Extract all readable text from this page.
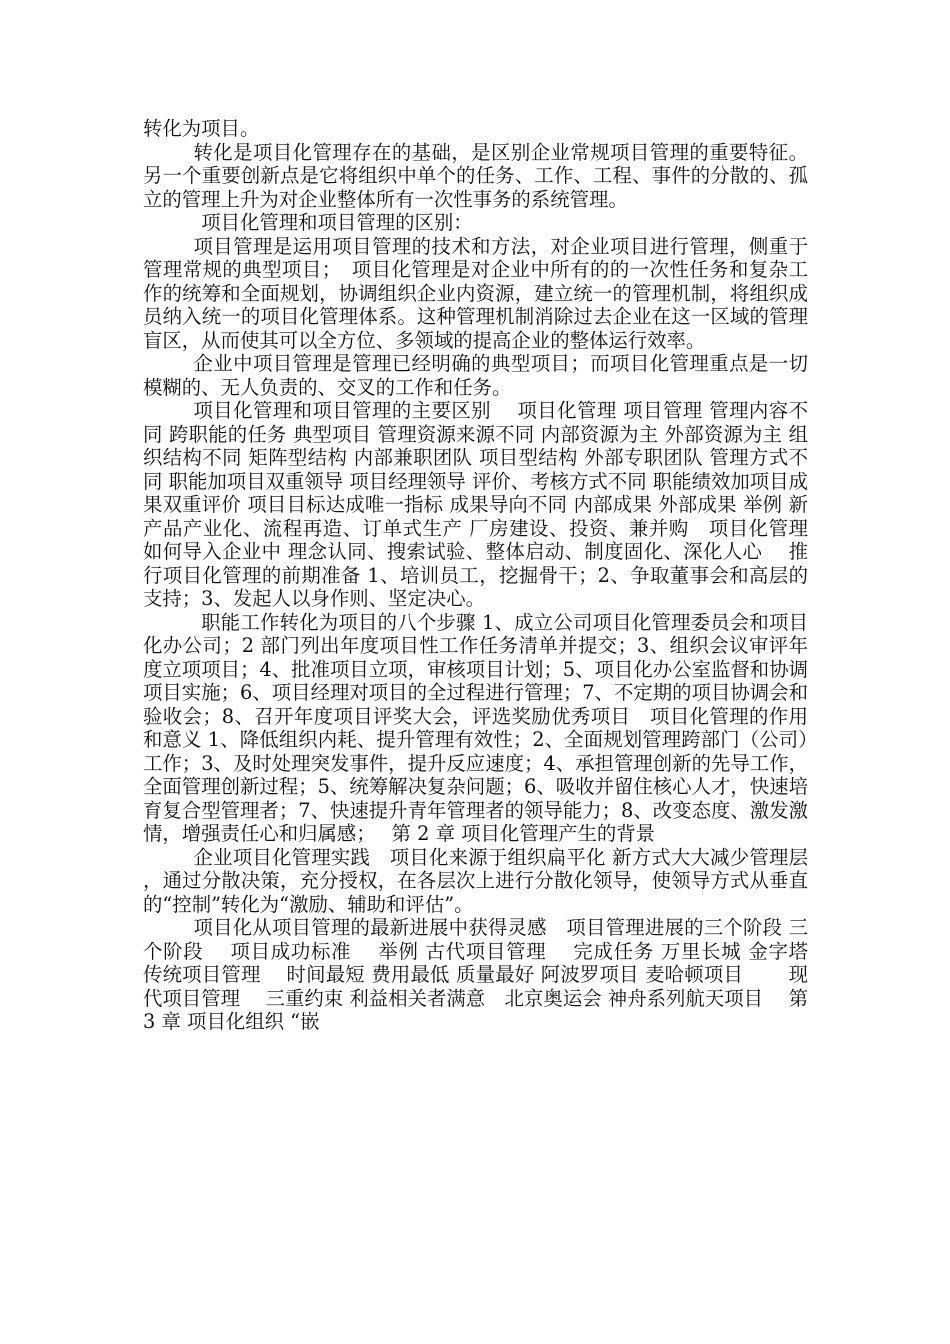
转化为项目。

转化是项目化管理存在的基础，是区别企业常规项目管理的重要特征。另一个重要创新点是它将组织中单个的任务、工作、工程、事件的分散的、孤立的管理上升为对企业整体所有一次性事务的系统管理。

项目化管理和项目管理的区别：

项目管理是运用项目管理的技术和方法，对企业项目进行管理，侧重于管理常规的典型项目；　项目化管理是对企业中所有的的一次性任务和复杂工作的统筹和全面规划，协调组织企业内资源，建立统一的管理机制，将组织成员纳入统一的项目化管理体系。这种管理机制消除过去企业在这一区域的管理盲区，从而使其可以全方位、多领域的提高企业的整体运行效率。

企业中项目管理是管理已经明确的典型项目；而项目化管理重点是一切模糊的、无人负责的、交叉的工作和任务。

项目化管理和项目管理的主要区别　 项目化管理 项目管理 管理内容不同 跨职能的任务 典型项目 管理资源来源不同 内部资源为主 外部资源为主 组织结构不同 矩阵型结构 内部兼职团队 项目型结构 外部专职团队 管理方式不同 职能加项目双重领导 项目经理领导 评价、考核方式不同 职能绩效加项目成果双重评价 项目目标达成唯一指标 成果导向不同 内部成果 外部成果 举例 新产品产业化、流程再造、订单式生产 厂房建设、投资、兼并购　项目化管理如何导入企业中 理念认同、搜索试验、整体启动、制度固化、深化人心　 推行项目化管理的前期准备 1、培训员工，挖掘骨干；2、争取董事会和高层的支持；3、发起人以身作则、坚定决心。

职能工作转化为项目的八个步骤 1、成立公司项目化管理委员会和项目化办公司；2 部门列出年度项目性工作任务清单并提交；3、组织会议审评年度立项项目；4、批准项目立项，审核项目计划；5、项目化办公室监督和协调项目实施；6、项目经理对项目的全过程进行管理；7、不定期的项目协调会和验收会；8、召开年度项目评奖大会，评选奖励优秀项目　项目化管理的作用和意义 1、降低组织内耗、提升管理有效性；2、全面规划管理跨部门（公司）工作；3、及时处理突发事件，提升反应速度；4、承担管理创新的先导工作，全面管理创新过程；5、统筹解决复杂问题；6、吸收并留住核心人才，快速培育复合型管理者；7、快速提升青年管理者的领导能力；8、改变态度、激发激情，增强责任心和归属感；　 第 2 章 项目化管理产生的背景

企业项目化管理实践　项目化来源于组织扁平化 新方式大大减少管理层，通过分散决策，充分授权，在各层次上进行分散化领导，使领导方式从垂直的“控制”转化为“激励、辅助和评估”。

项目化从项目管理的最新进展中获得灵感　项目管理进展的三个阶段 三个阶段　 项目成功标准　 举例 古代项目管理　 完成任务 万里长城 金字塔　　 传统项目管理　 时间最短 费用最低 质量最好 阿波罗项目 麦哈顿项目　　 现代项目管理　 三重约束 利益相关者满意　北京奥运会 神舟系列航天项目　 第 3 章 项目化组织 “嵌
